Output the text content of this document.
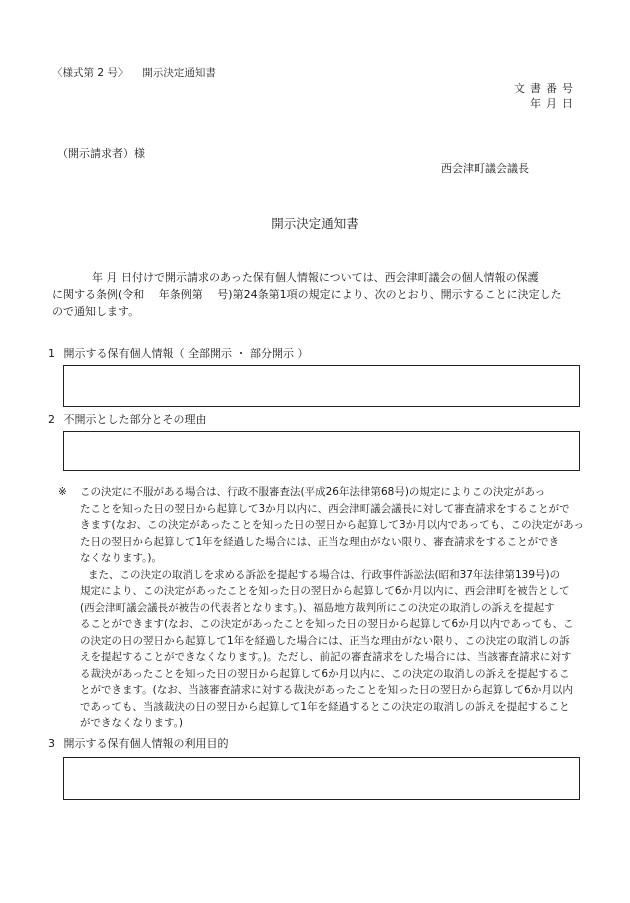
〈様式第 2 号〉 開示決定通知書
文書番号
年月日
（開示請求者）様
西会津町議会議長
開示決定通知書

年 月 日付けで開示請求のあった保有個人情報については、西会津町議会の個人情報の保護

に関する条例(令和　 年条例第　 号)第24条第1項の規定により、次のとおり、開示することに決定した

ので通知します。

1 開示する保有個人情報（ 全部開示 ・ 部分開示 ）
2 不開示とした部分とその理由
※ この決定に不服がある場合は、行政不服審査法(平成26年法律第68号)の規定によりこの決定があっ
たことを知った日の翌日から起算して3か月以内に、西会津町議会議長に対して審査請求をすることがで
きます(なお、この決定があったことを知った日の翌日から起算して3か月以内であっても、この決定があっ
た日の翌日から起算して1年を経過した場合には、正当な理由がない限り、審査請求をすることができ
なくなります。)。
また、この決定の取消しを求める訴訟を提起する場合は、行政事件訴訟法(昭和37年法律第139号)の
規定により、この決定があったことを知った日の翌日から起算して6か月以内に、西会津町を被告として
(西会津町議会議長が被告の代表者となります。)、福島地方裁判所にこの決定の取消しの訴えを提起す
ることができます(なお、この決定があったことを知った日の翌日から起算して6か月以内であっても、こ
の決定の日の翌日から起算して1年を経過した場合には、正当な理由がない限り、この決定の取消しの訴
えを提起することができなくなります。)。ただし、前記の審査請求をした場合には、当該審査請求に対す
る裁決があったことを知った日の翌日から起算して6か月以内に、この決定の取消しの訴えを提起するこ
とができます。(なお、当該審査請求に対する裁決があったことを知った日の翌日から起算して6か月以内
であっても、当該裁決の日の翌日から起算して1年を経過するとこの決定の取消しの訴えを提起すること
ができなくなります。)
3 開示する保有個人情報の利用目的
